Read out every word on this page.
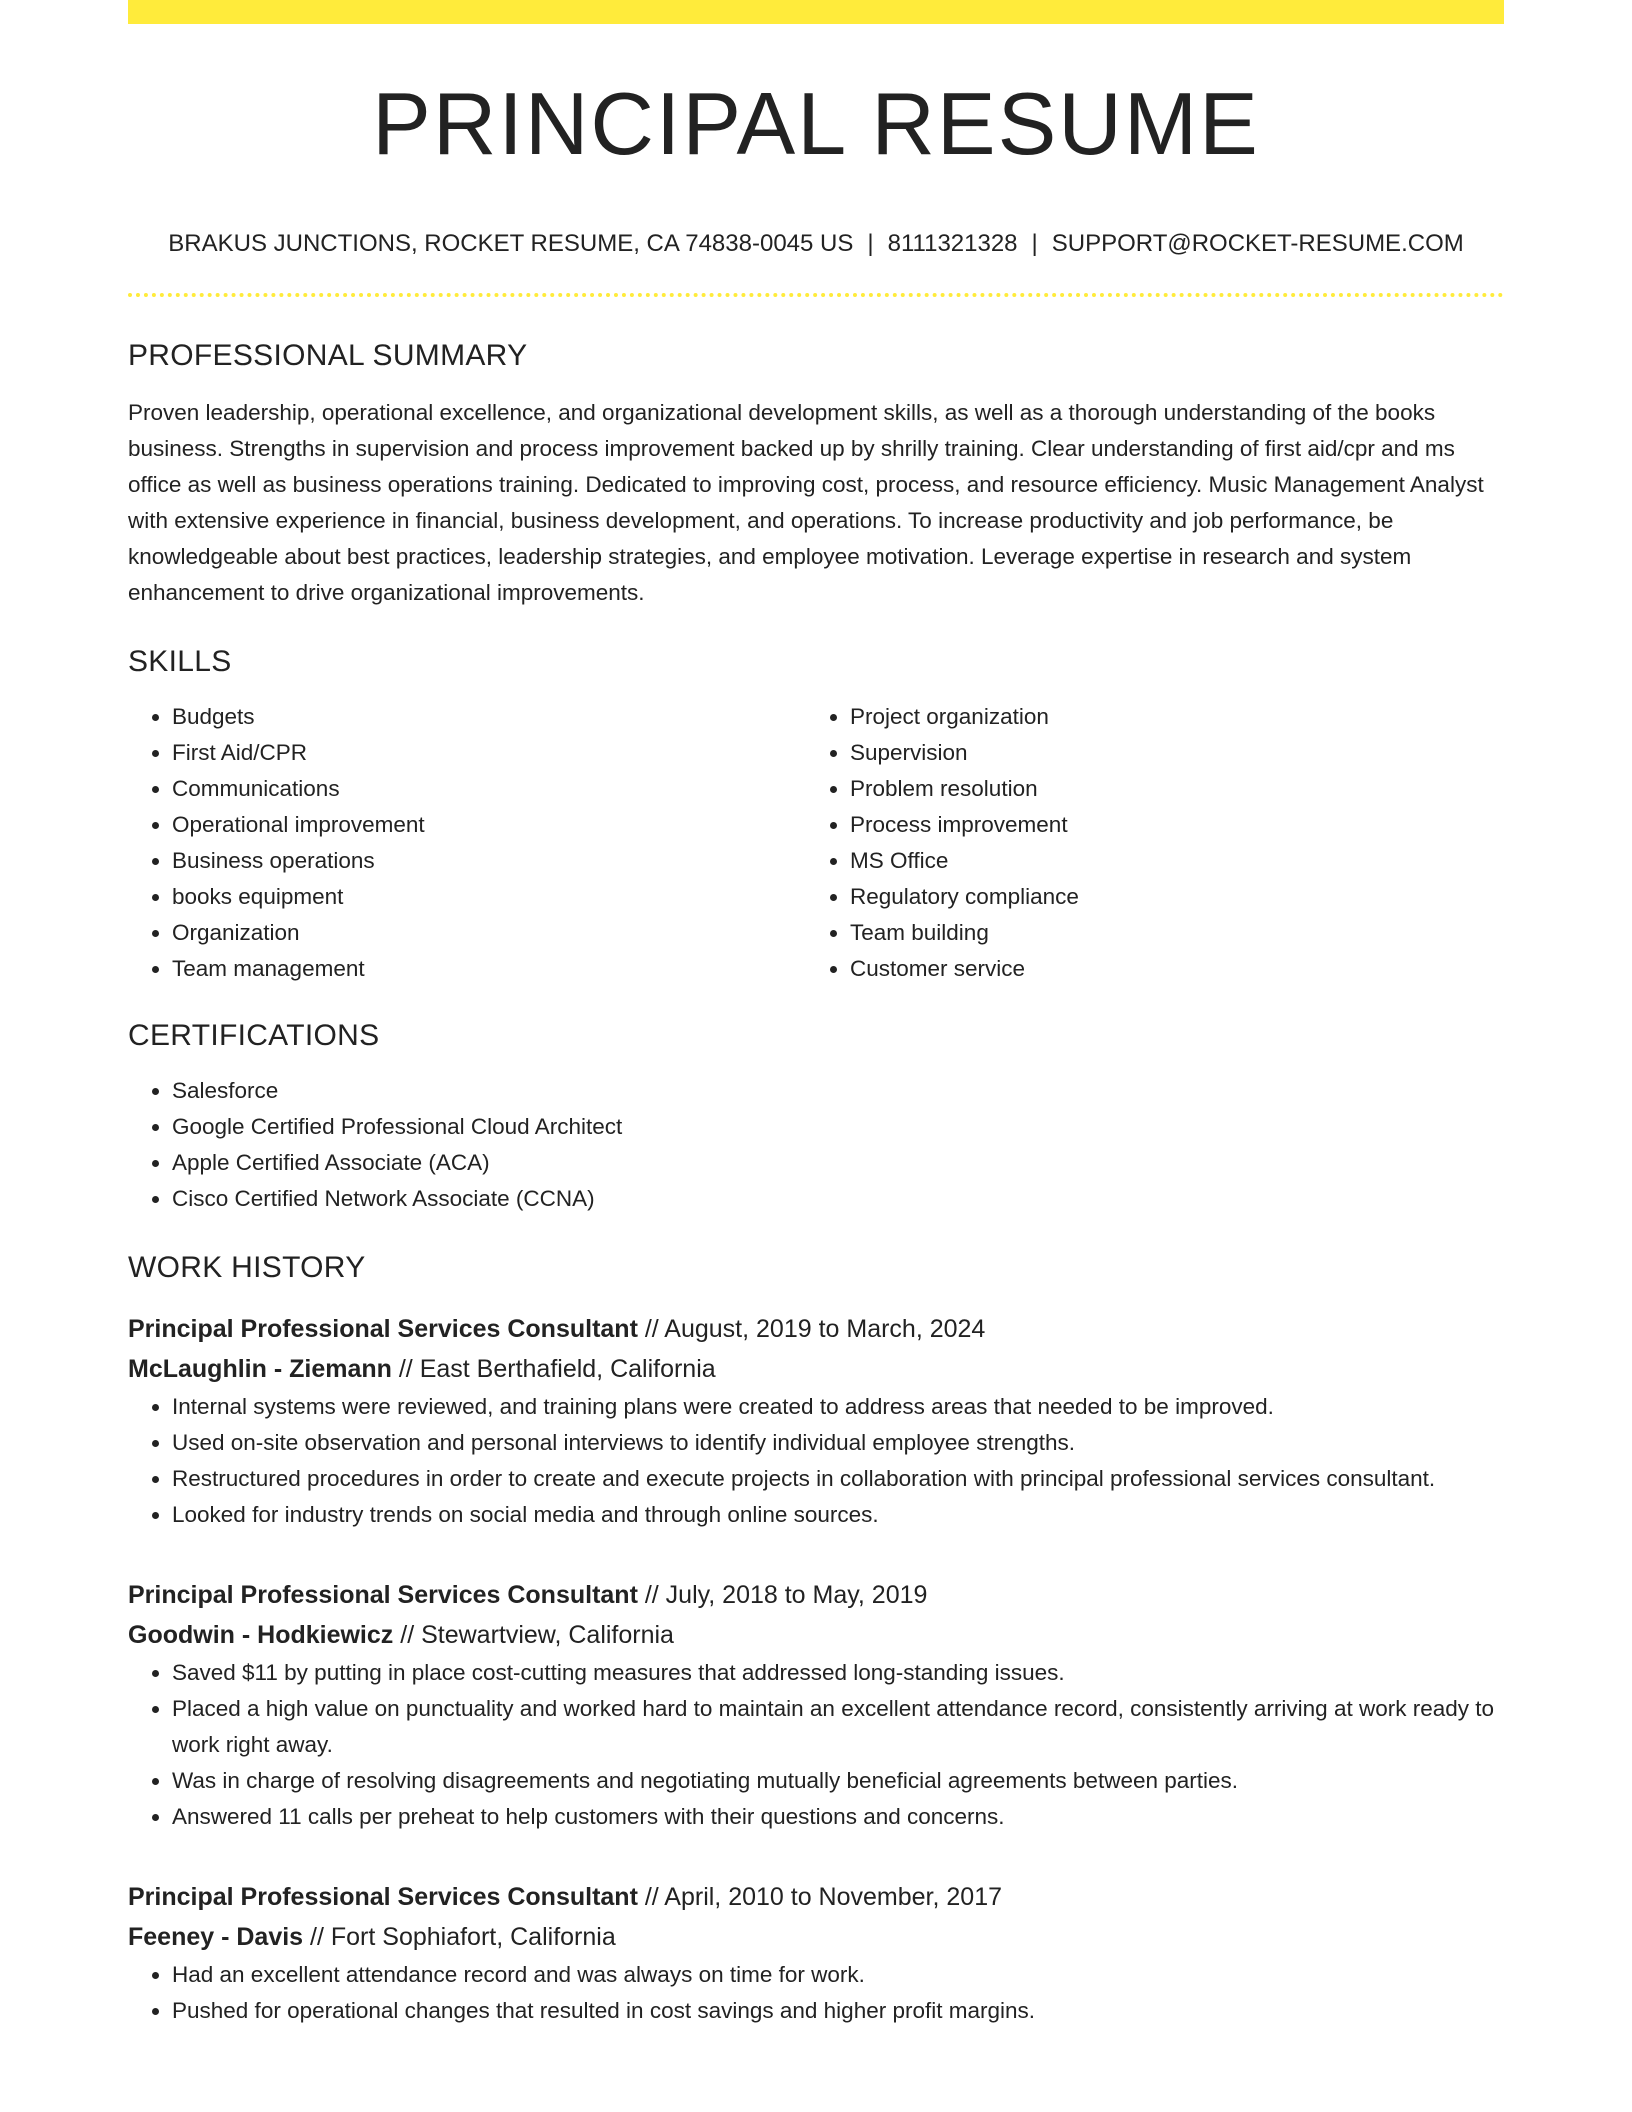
PRINCIPAL RESUME
BRAKUS JUNCTIONS, ROCKET RESUME, CA 74838-0045 US | 8111321328 | SUPPORT@ROCKET-RESUME.COM
PROFESSIONAL SUMMARY

Proven leadership, operational excellence, and organizational development skills, as well as a thorough understanding of the books business. Strengths in supervision and process improvement backed up by shrilly training. Clear understanding of first aid/cpr and ms office as well as business operations training. Dedicated to improving cost, process, and resource efficiency. Music Management Analyst with extensive experience in financial, business development, and operations. To increase productivity and job performance, be knowledgeable about best practices, leadership strategies, and employee motivation. Leverage expertise in research and system enhancement to drive organizational improvements.

SKILLS
• Budgets
• First Aid/CPR
• Communications
• Operational improvement
• Business operations
• books equipment
• Organization
• Team management
• Project organization
• Supervision
• Problem resolution
• Process improvement
• MS Office
• Regulatory compliance
• Team building
• Customer service
CERTIFICATIONS
• Salesforce
• Google Certified Professional Cloud Architect
• Apple Certified Associate (ACA)
• Cisco Certified Network Associate (CCNA)
WORK HISTORY
Principal Professional Services Consultant // August, 2019 to March, 2024
McLaughlin - Ziemann // East Berthafield, California
• Internal systems were reviewed, and training plans were created to address areas that needed to be improved.
• Used on-site observation and personal interviews to identify individual employee strengths.
• Restructured procedures in order to create and execute projects in collaboration with principal professional services consultant.
• Looked for industry trends on social media and through online sources.
Principal Professional Services Consultant // July, 2018 to May, 2019
Goodwin - Hodkiewicz // Stewartview, California
• Saved $11 by putting in place cost-cutting measures that addressed long-standing issues.
• Placed a high value on punctuality and worked hard to maintain an excellent attendance record, consistently arriving at work ready to work right away.
• Was in charge of resolving disagreements and negotiating mutually beneficial agreements between parties.
• Answered 11 calls per preheat to help customers with their questions and concerns.
Principal Professional Services Consultant // April, 2010 to November, 2017
Feeney - Davis // Fort Sophiafort, California
• Had an excellent attendance record and was always on time for work.
• Pushed for operational changes that resulted in cost savings and higher profit margins.
